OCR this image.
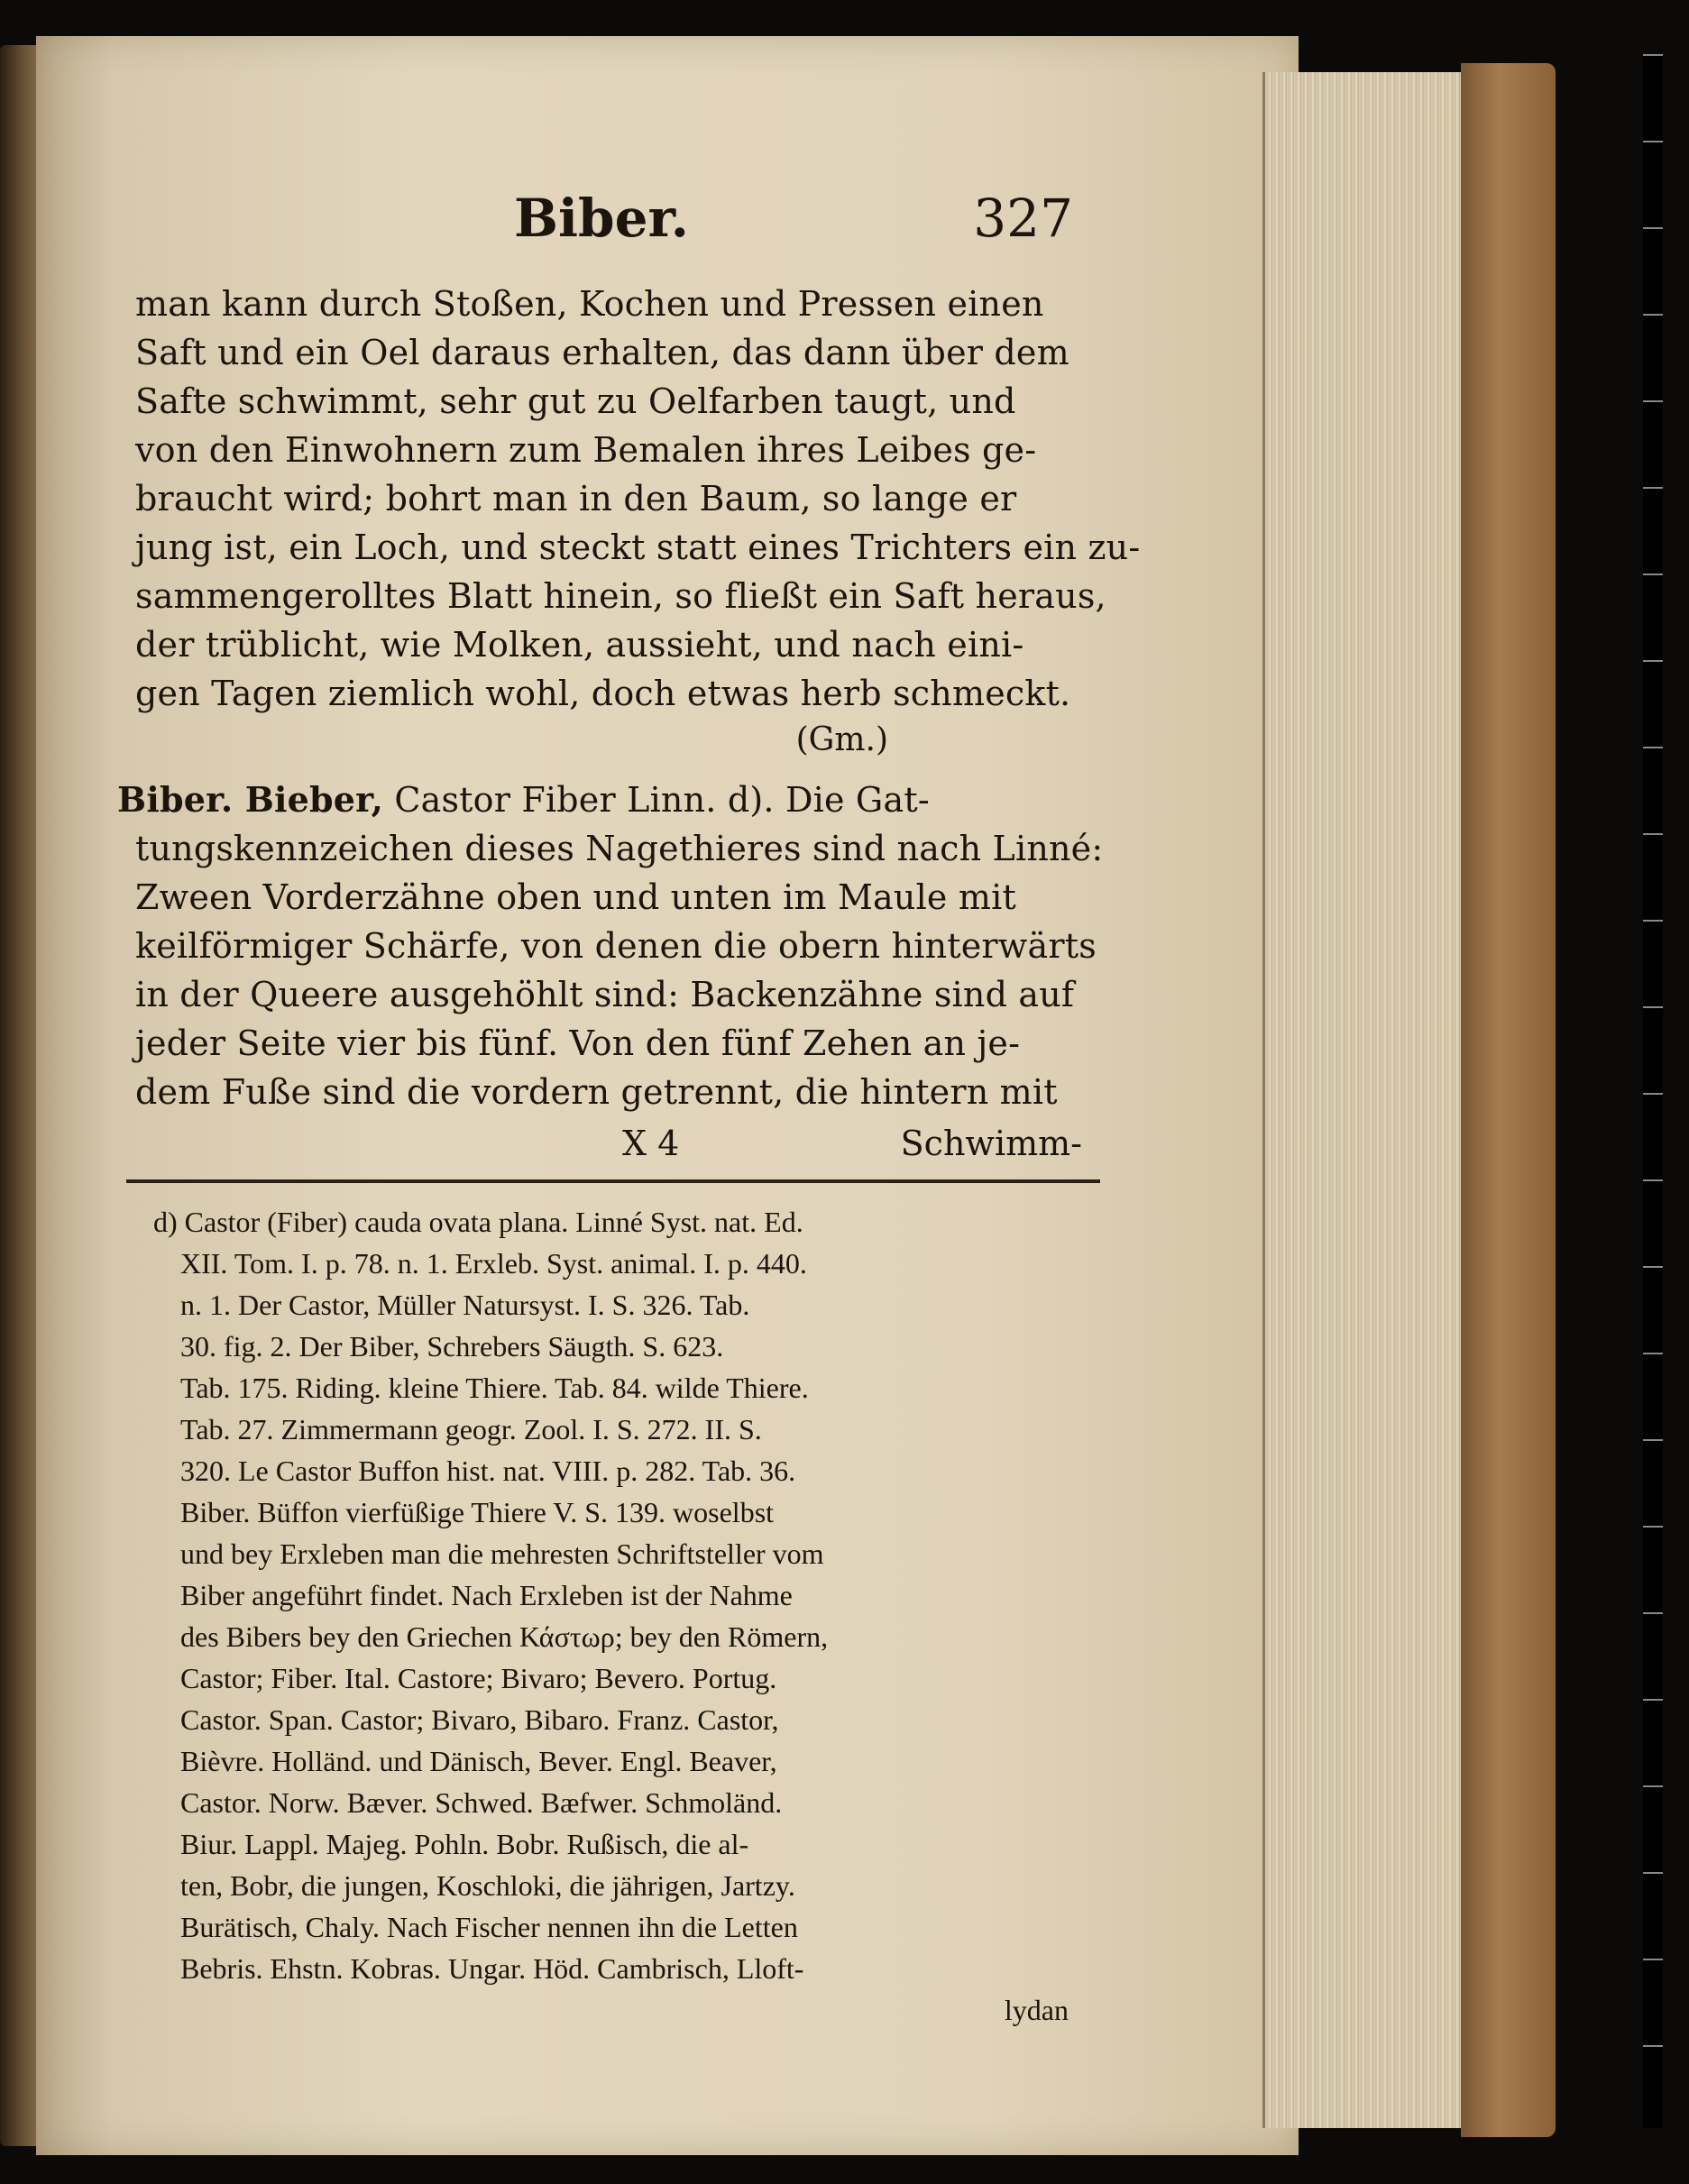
Biber.	327
man kann durch Stoßen, Kochen und Pressen einen
Saft und ein Oel daraus erhalten, das dann über dem
Safte schwimmt, sehr gut zu Oelfarben taugt, und
von den Einwohnern zum Bemalen ihres Leibes ge-
braucht wird; bohrt man in den Baum, so lange er
jung ist, ein Loch, und steckt statt eines Trichters ein zu-
sammengerolltes Blatt hinein, so fließt ein Saft heraus,
der trüblicht, wie Molken, aussieht, und nach eini-
gen Tagen ziemlich wohl, doch etwas herb schmeckt.
(Gm.)
Biber. Bieber, Castor Fiber Linn. d). Die Gat-
tungskennzeichen dieses Nagethieres sind nach Linné:
Zween Vorderzähne oben und unten im Maule mit
keilförmiger Schärfe, von denen die obern hinterwärts
in der Queere ausgehöhlt sind: Backenzähne sind auf
jeder Seite vier bis fünf. Von den fünf Zehen an je-
dem Fuße sind die vordern getrennt, die hintern mit
X 4	Schwimm-
d) Castor (Fiber) cauda ovata plana. Linné Syst. nat. Ed.
XII. Tom. I. p. 78. n. 1. Erxleb. Syst. animal. I. p. 440.
n. 1. Der Castor, Müller Natursyst. I. S. 326. Tab.
30. fig. 2. Der Biber, Schrebers Säugth. S. 623.
Tab. 175. Riding. kleine Thiere. Tab. 84. wilde Thiere.
Tab. 27. Zimmermann geogr. Zool. I. S. 272. II. S.
320. Le Castor Buffon hist. nat. VIII. p. 282. Tab. 36.
Biber. Büffon vierfüßige Thiere V. S. 139. woselbst
und bey Erxleben man die mehresten Schriftsteller vom
Biber angeführt findet. Nach Erxleben ist der Nahme
des Bibers bey den Griechen Κάστωρ; bey den Römern,
Castor; Fiber. Ital. Castore; Bivaro; Bevero. Portug.
Castor. Span. Castor; Bivaro, Bibaro. Franz. Castor,
Bièvre. Holländ. und Dänisch, Bever. Engl. Beaver,
Castor. Norw. Bæver. Schwed. Bæfwer. Schmoländ.
Biur. Lappl. Majeg. Pohln. Bobr. Rußisch, die al-
ten, Bobr, die jungen, Koschloki, die jährigen, Jartzy.
Burätisch, Chaly. Nach Fischer nennen ihn die Letten
Bebris. Ehstn. Kobras. Ungar. Höd. Cambrisch, Lloft-
lydan
